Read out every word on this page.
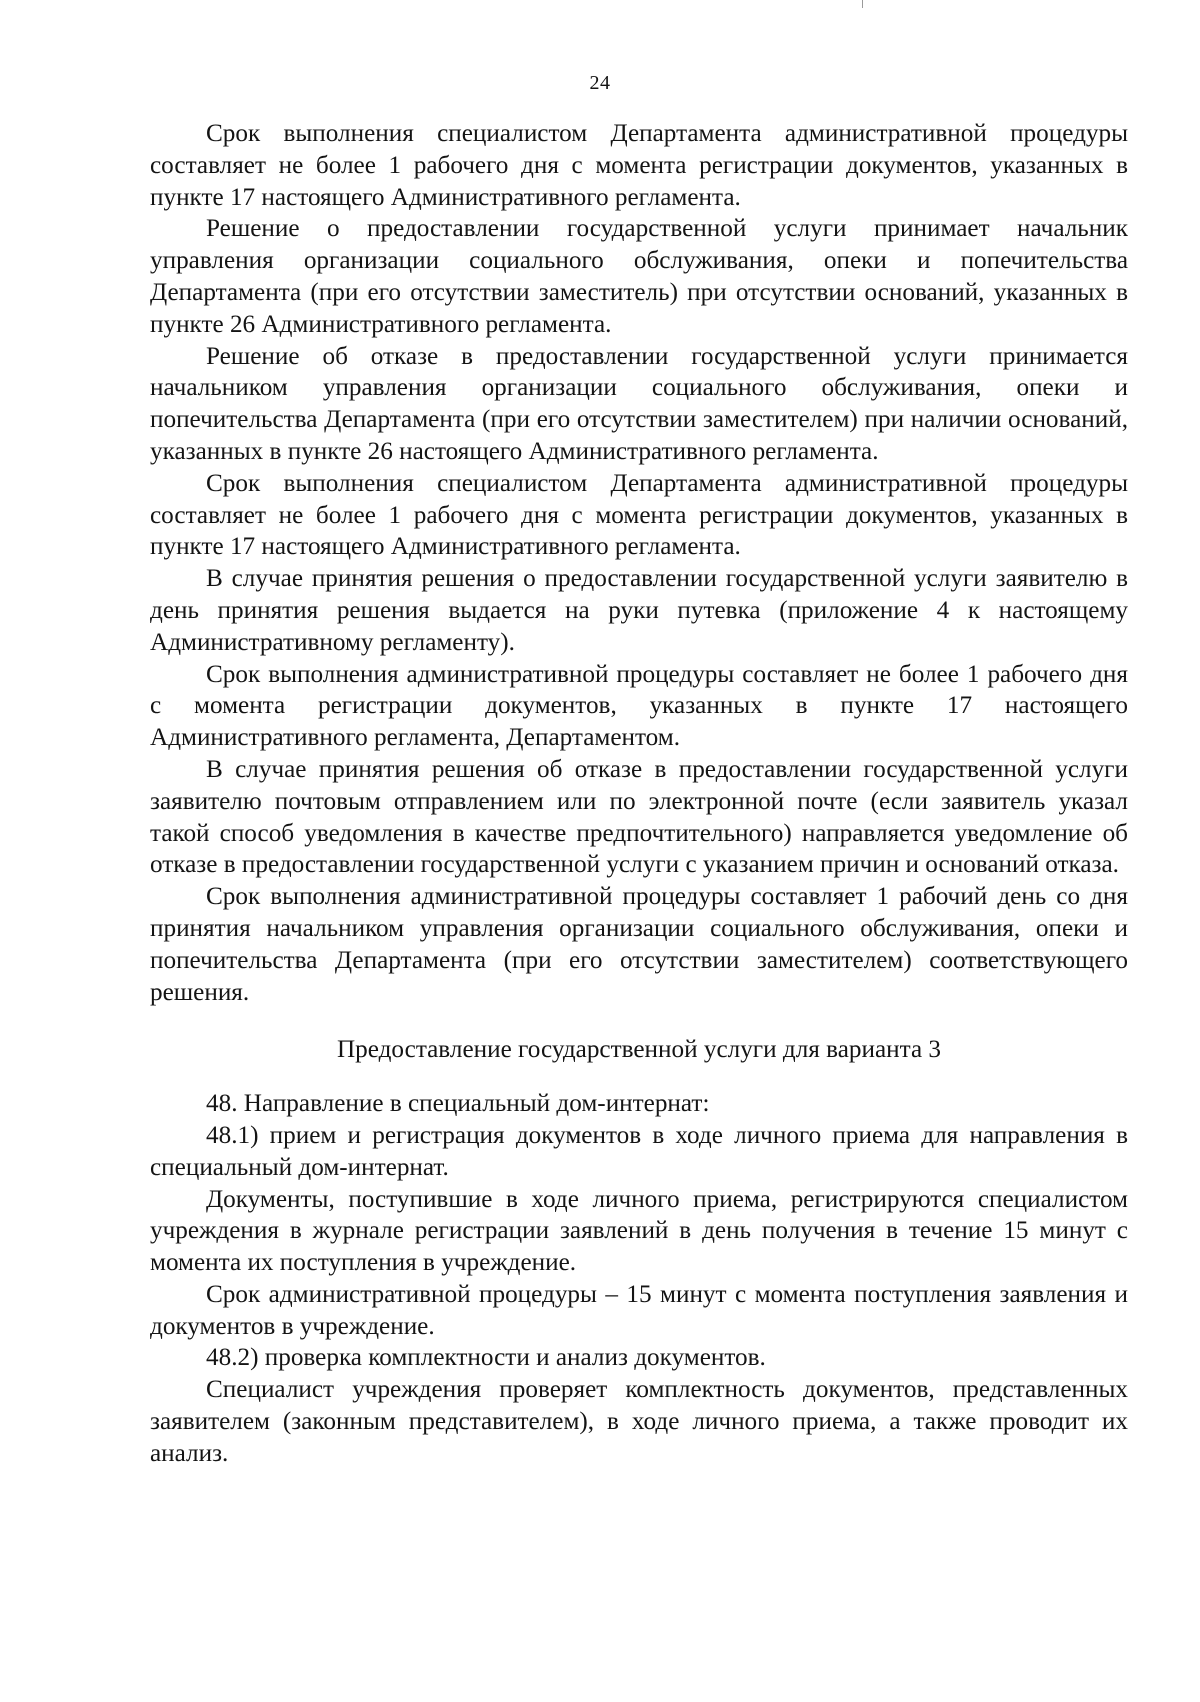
24

Срок выполнения специалистом Департамента административной процедуры составляет не более 1 рабочего дня с момента регистрации документов, указанных в пункте 17 настоящего Административного регламента.

Решение о предоставлении государственной услуги принимает начальник управления организации социального обслуживания, опеки и попечительства Департамента (при его отсутствии заместитель) при отсутствии оснований, указанных в пункте 26 Административного регламента.

Решение об отказе в предоставлении государственной услуги принимается начальником управления организации социального обслуживания, опеки и попечительства Департамента (при его отсутствии заместителем) при наличии оснований, указанных в пункте 26 настоящего Административного регламента.

Срок выполнения специалистом Департамента административной процедуры составляет не более 1 рабочего дня с момента регистрации документов, указанных в пункте 17 настоящего Административного регламента.

В случае принятия решения о предоставлении государственной услуги заявителю в день принятия решения выдается на руки путевка (приложение 4 к настоящему Административному регламенту).

Срок выполнения административной процедуры составляет не более 1 рабочего дня с момента регистрации документов, указанных в пункте 17 настоящего Административного регламента, Департаментом.

В случае принятия решения об отказе в предоставлении государственной услуги заявителю почтовым отправлением или по электронной почте (если заявитель указал такой способ уведомления в качестве предпочтительного) направляется уведомление об отказе в предоставлении государственной услуги с указанием причин и оснований отказа.

Срок выполнения административной процедуры составляет 1 рабочий день со дня принятия начальником управления организации социального обслуживания, опеки и попечительства Департамента (при его отсутствии заместителем) соответствующего решения.

Предоставление государственной услуги для варианта 3

48. Направление в специальный дом-интернат:

48.1) прием и регистрация документов в ходе личного приема для направления в специальный дом-интернат.

Документы, поступившие в ходе личного приема, регистрируются специалистом учреждения в журнале регистрации заявлений в день получения в течение 15 минут с момента их поступления в учреждение.

Срок административной процедуры – 15 минут с момента поступления заявления и документов в учреждение.

48.2) проверка комплектности и анализ документов.

Специалист учреждения проверяет комплектность документов, представленных заявителем (законным представителем), в ходе личного приема, а также проводит их анализ.
